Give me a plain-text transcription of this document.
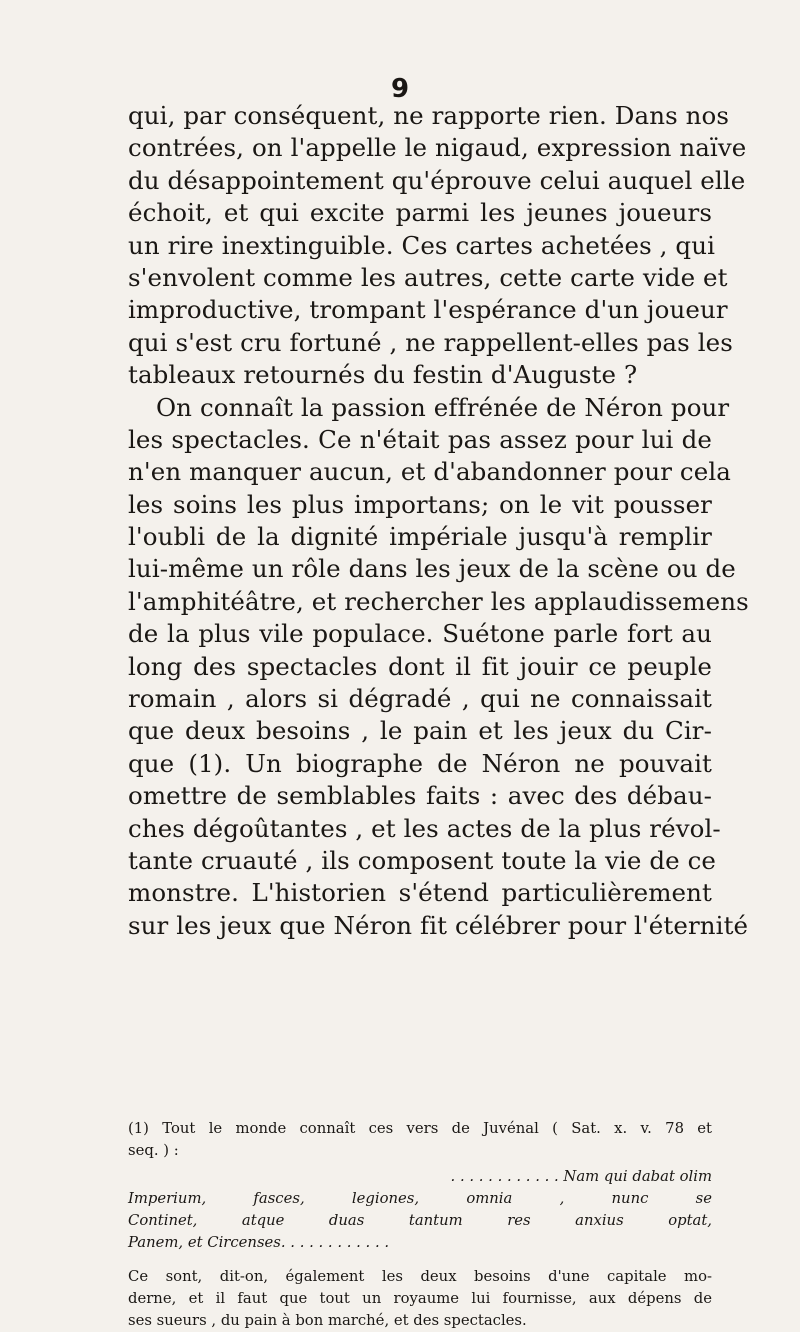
9
qui, par conséquent, ne rapporte rien. Dans nos
contrées, on l'appelle le nigaud, expression naïve
du désappointement qu'éprouve celui auquel elle
échoit, et qui excite parmi les jeunes joueurs
un rire inextinguible. Ces cartes achetées , qui
s'envolent comme les autres, cette carte vide et
improductive, trompant l'espérance d'un joueur
qui s'est cru fortuné , ne rappellent-elles pas les
tableaux retournés du festin d'Auguste ?
On connaît la passion effrénée de Néron pour
les spectacles. Ce n'était pas assez pour lui de
n'en manquer aucun, et d'abandonner pour cela
les soins les plus importans; on le vit pousser
l'oubli de la dignité impériale jusqu'à remplir
lui-même un rôle dans les jeux de la scène ou de
l'amphitéâtre, et rechercher les applaudissemens
de la plus vile populace. Suétone parle fort au
long des spectacles dont il fit jouir ce peuple
romain , alors si dégradé , qui ne connaissait
que deux besoins , le pain et les jeux du Cir-
que (1). Un biographe de Néron ne pouvait
omettre de semblables faits : avec des débau-
ches dégoûtantes , et les actes de la plus révol-
tante cruauté , ils composent toute la vie de ce
monstre. L'historien s'étend particulièrement
sur les jeux que Néron fit célébrer pour l'éternité
(1) Tout le monde connaît ces vers de Juvénal ( Sat. x. v. 78 et
seq. ) :
. . . . . . . . . . . . Nam qui dabat olim
Imperium, fasces, legiones, omnia , nunc se
Continet, atque duas tantum res anxius optat,
Panem, et Circenses. . . . . . . . . . . .
Ce sont, dit-on, également les deux besoins d'une capitale mo-
derne, et il faut que tout un royaume lui fournisse, aux dépens de
ses sueurs , du pain à bon marché, et des spectacles.
